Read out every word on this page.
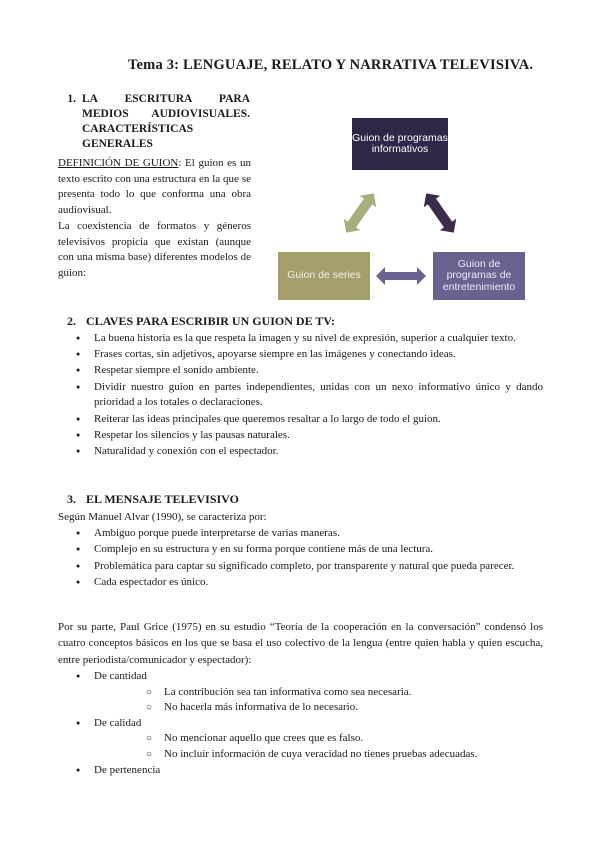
Tema 3: LENGUAJE, RELATO Y NARRATIVA TELEVISIVA.
1. LA ESCRITURA PARA MEDIOS AUDIOVISUALES. CARACTERÍSTICAS GENERALES
DEFINICIÓN DE GUION: El guion es un texto escrito con una estructura en la que se presenta todo lo que conforma una obra audiovisual.
La coexistencia de formatos y géneros televisivos propicia que existan (aunque con una misma base) diferentes modelos de guion:
Guion de programas informativos
Guion de series
Guion de programas de entretenimiento
2. CLAVES PARA ESCRIBIR UN GUION DE TV:
● La buena historia es la que respeta la imagen y su nivel de expresión, superior a cualquier texto.
● Frases cortas, sin adjetivos, apoyarse siempre en las imágenes y conectando ideas.
● Respetar siempre el sonido ambiente.
● Dividir nuestro guion en partes independientes, unidas con un nexo informativo único y dando prioridad a los totales o declaraciones.
● Reiterar las ideas principales que queremos resaltar a lo largo de todo el guion.
● Respetar los silencios y las pausas naturales.
● Naturalidad y conexión con el espectador.
3. EL MENSAJE TELEVISIVO
Según Manuel Alvar (1990), se caracteriza por:
● Ambiguo porque puede interpretarse de varias maneras.
● Complejo en su estructura y en su forma porque contiene más de una lectura.
● Problemática para captar su significado completo, por transparente y natural que pueda parecer.
● Cada espectador es único.
Por su parte, Paul Grice (1975) en su estudio “Teoría de la cooperación en la conversación” condensó los cuatro conceptos básicos en los que se basa el uso colectivo de la lengua (entre quien habla y quien escucha, entre periodista/comunicador y espectador):
● De cantidad
○ La contribución sea tan informativa como sea necesaria.
○ No hacerla más informativa de lo necesario.
● De calidad
○ No mencionar aquello que crees que es falso.
○ No incluir información de cuya veracidad no tienes pruebas adecuadas.
● De pertenencia
